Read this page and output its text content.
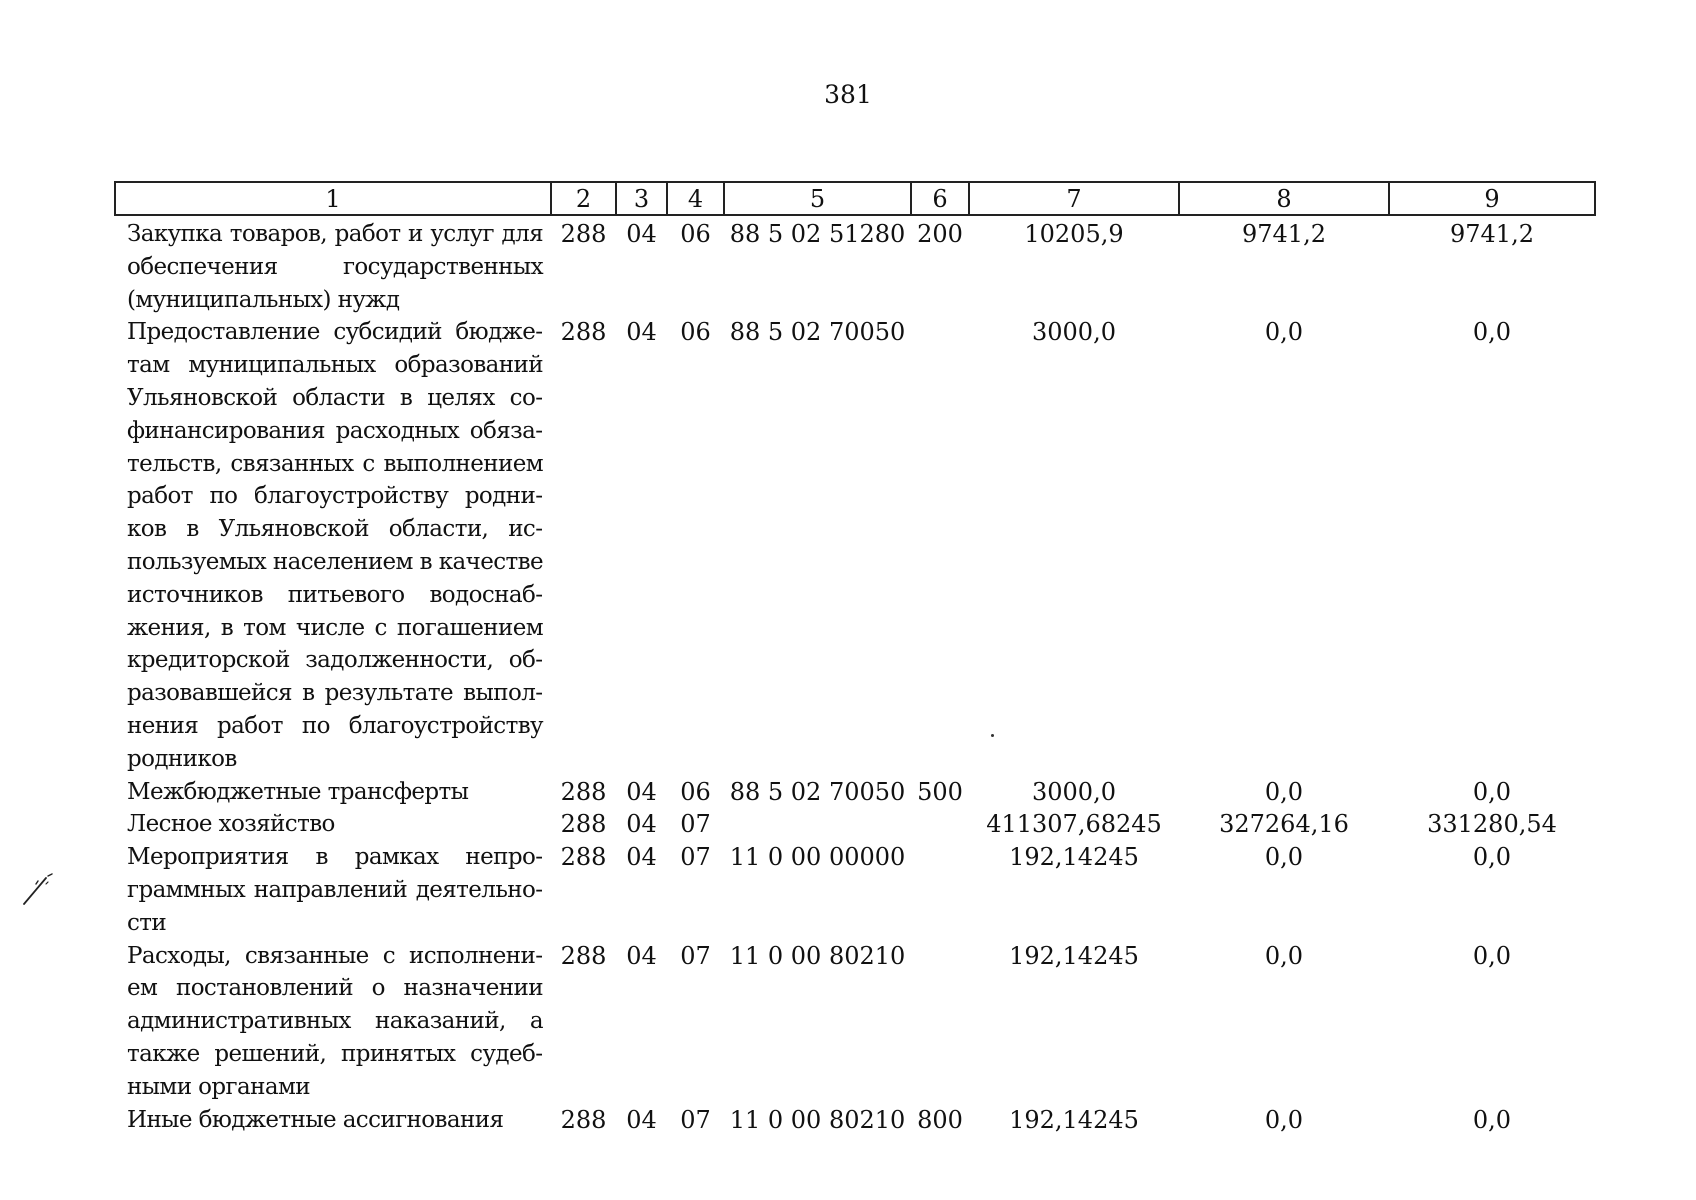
381
1	2	3	4	5	6	7	8	9
Закупка товаров, работ и услуг для обеспечения государственных (муниципальных) нужд	288	04	06	88 5 02 51280	200	10205,9	9741,2	9741,2
Предоставление субсидий бюджетам муниципальных образований Ульяновской области в целях софинансирования расходных обязательств, связанных с выполнением работ по благоустройству родников в Ульяновской области, используемых населением в качестве источников питьевого водоснабжения, в том числе с погашением кредиторской задолженности, образовавшейся в результате выполнения работ по благоустройству родников	288	04	06	88 5 02 70050		3000,0	0,0	0,0
Межбюджетные трансферты	288	04	06	88 5 02 70050	500	3000,0	0,0	0,0
Лесное хозяйство	288	04	07			411307,68245	327264,16	331280,54
Мероприятия в рамках непрограммных направлений деятельности	288	04	07	11 0 00 00000		192,14245	0,0	0,0
Расходы, связанные с исполнением постановлений о назначении административных наказаний, а также решений, принятых судебными органами	288	04	07	11 0 00 80210		192,14245	0,0	0,0
Иные бюджетные ассигнования	288	04	07	11 0 00 80210	800	192,14245	0,0	0,0
